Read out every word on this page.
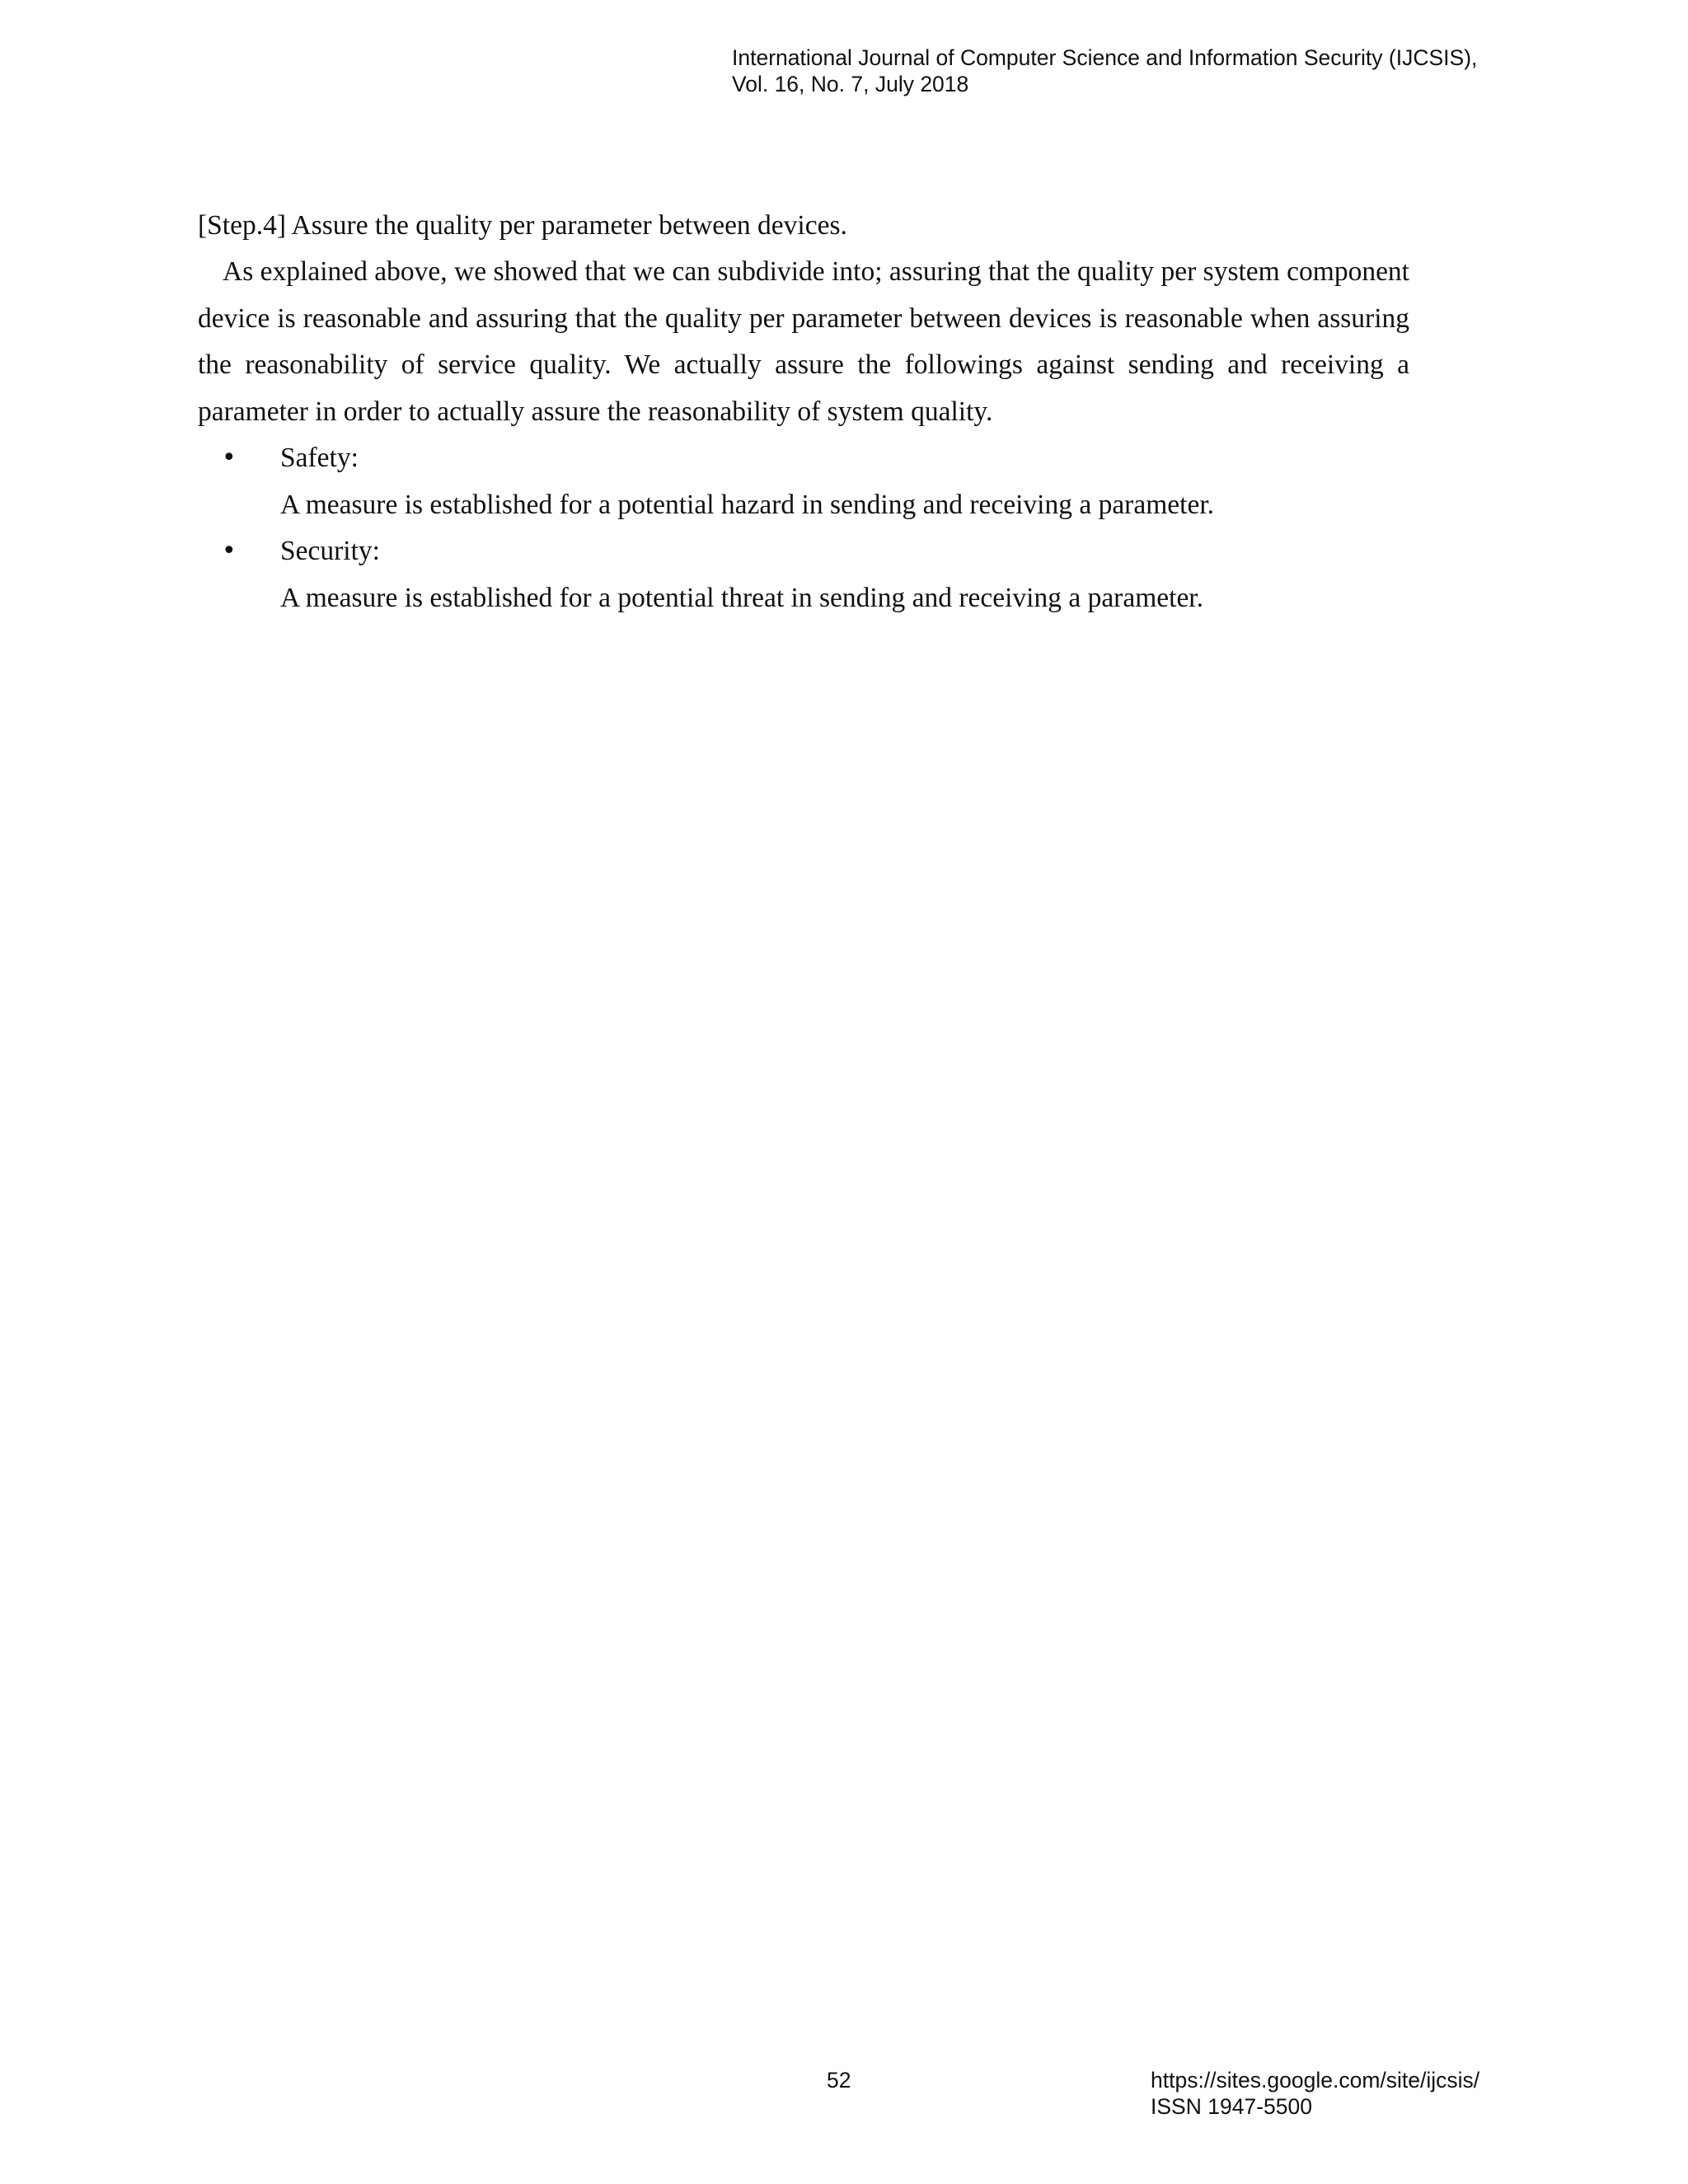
International Journal of Computer Science and Information Security (IJCSIS),
Vol. 16, No. 7, July 2018
[Step.4] Assure the quality per parameter between devices.

As explained above, we showed that we can subdivide into; assuring that the quality per system component device is reasonable and assuring that the quality per parameter between devices is reasonable when assuring the reasonability of service quality. We actually assure the followings against sending and receiving a parameter in order to actually assure the reasonability of system quality.

• Safety:
A measure is established for a potential hazard in sending and receiving a parameter.
• Security:
A measure is established for a potential threat in sending and receiving a parameter.
52	https://sites.google.com/site/ijcsis/
ISSN 1947-5500
